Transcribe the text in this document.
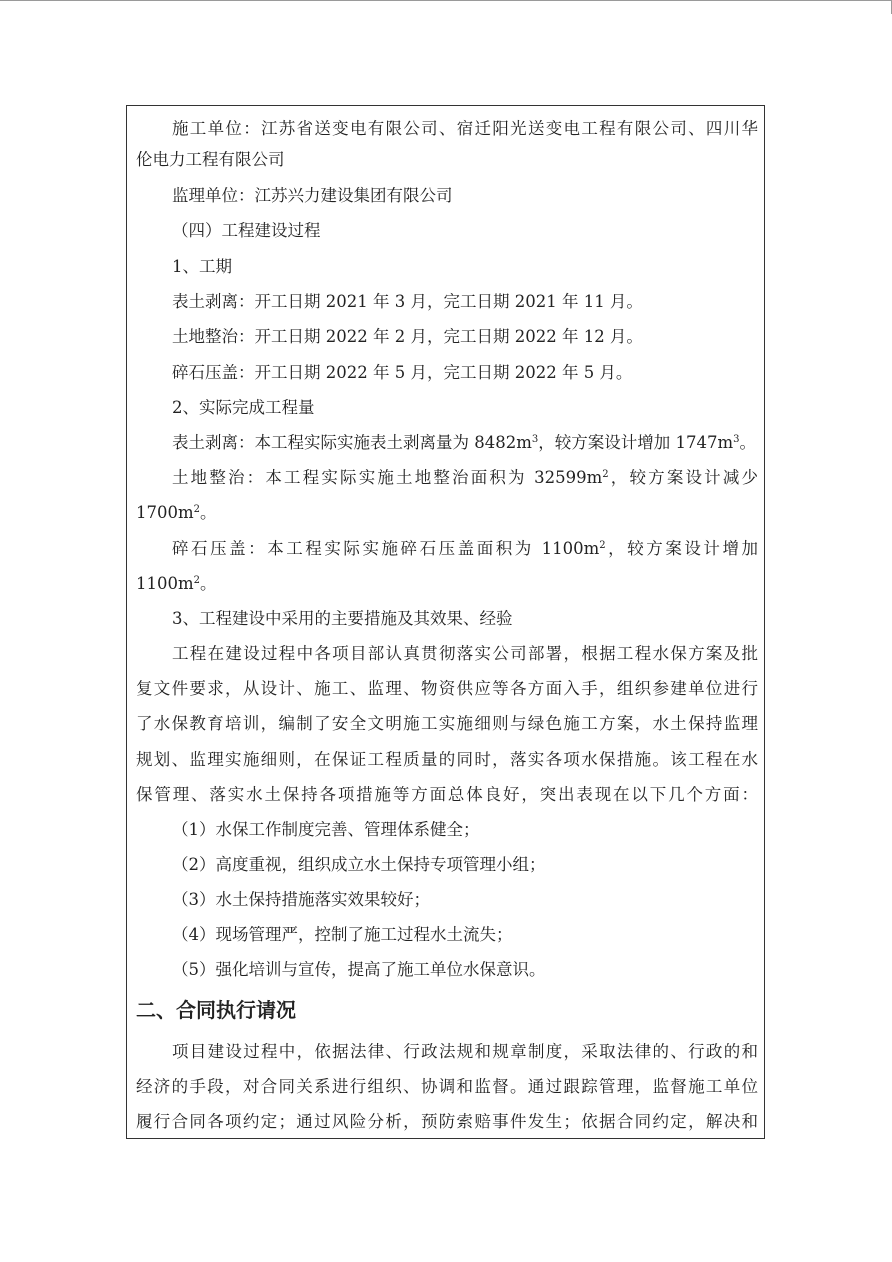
施工单位：江苏省送变电有限公司、宿迁阳光送变电工程有限公司、四川华
伦电力工程有限公司
监理单位：江苏兴力建设集团有限公司
（四）工程建设过程
1、工期
表土剥离：开工日期 2021 年 3 月，完工日期 2021 年 11 月。
土地整治：开工日期 2022 年 2 月，完工日期 2022 年 12 月。
碎石压盖：开工日期 2022 年 5 月，完工日期 2022 年 5 月。
2、实际完成工程量
表土剥离：本工程实际实施表土剥离量为 $8482m^3$，较方案设计增加 $1747m^3$。
土地整治：本工程实际实施土地整治面积为 $32599m^2$，较方案设计减少
$1700m^2$。
碎石压盖：本工程实际实施碎石压盖面积为 $1100m^2$，较方案设计增加
$1100m^2$。
3、工程建设中采用的主要措施及其效果、经验
工程在建设过程中各项目部认真贯彻落实公司部署，根据工程水保方案及批
复文件要求，从设计、施工、监理、物资供应等各方面入手，组织参建单位进行
了水保教育培训，编制了安全文明施工实施细则与绿色施工方案，水土保持监理
规划、监理实施细则，在保证工程质量的同时，落实各项水保措施。该工程在水
保管理、落实水土保持各项措施等方面总体良好，突出表现在以下几个方面：
（1）水保工作制度完善、管理体系健全；
（2）高度重视，组织成立水土保持专项管理小组；
（3）水土保持措施落实效果较好；
（4）现场管理严，控制了施工过程水土流失；
（5）强化培训与宣传，提高了施工单位水保意识。
二、合同执行请况
项目建设过程中，依据法律、行政法规和规章制度，采取法律的、行政的和
经济的手段，对合同关系进行组织、协调和监督。通过跟踪管理，监督施工单位
履行合同各项约定；通过风险分析，预防索赔事件发生；依据合同约定，解决和
